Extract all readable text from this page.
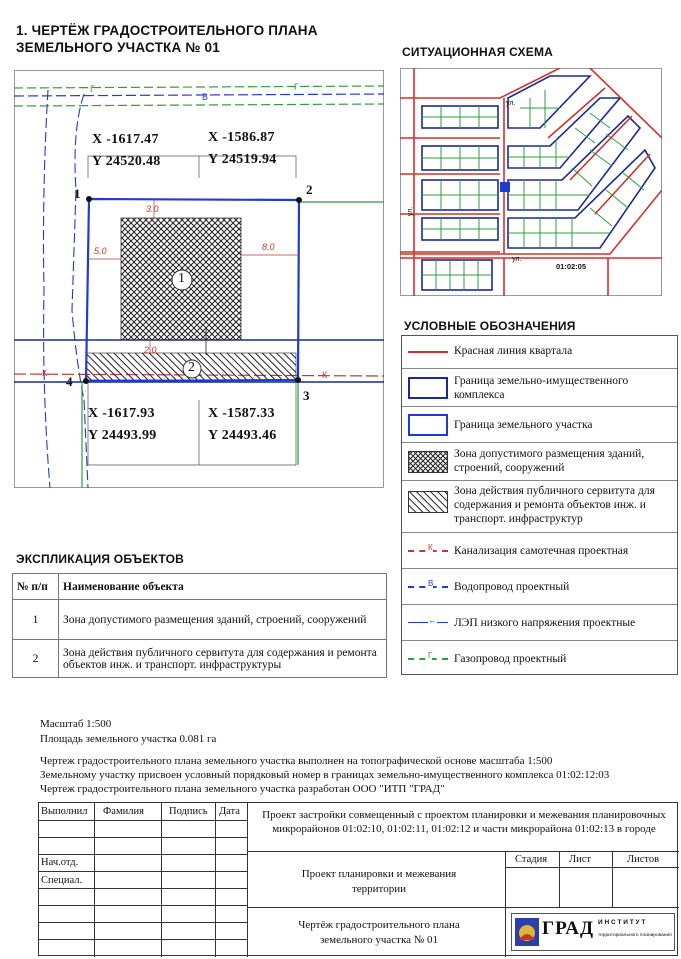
1. ЧЕРТЁЖ ГРАДОСТРОИТЕЛЬНОГО ПЛАНА
ЗЕМЕЛЬНОГО УЧАСТКА № 01
Г	Г
В
К	К
3.0
5.0	8.0
2.0
1
2
1	2
3
4
X -1617.47
Y 24520.48
X -1586.87
Y 24519.94
X -1617.93
Y 24493.99
X -1587.33
Y 24493.46
СИТУАЦИОННАЯ СХЕМА
ул.
ул.
ул.
01:02:05
УСЛОВНЫЕ ОБОЗНАЧЕНИЯ
Красная линия квартала
Граница земельно-имущественного комплекса
Граница земельного участка
Зона допустимого размещения зданий, строений, сооружений
Зона действия публичного сервитута для содержания и ремонта объектов инж. и транспорт. инфраструктур
К Канализация самотечная проектная
В Водопровод проектный
← ЛЭП низкого напряжения проектные
Г Газопровод проектный
ЭКСПЛИКАЦИЯ ОБЪЕКТОВ
№ п/п	Наименование объекта
1	Зона допустимого размещения зданий, строений, сооружений
2	Зона действия публичного сервитута для содержания и ремонта объектов инж. и транспорт. инфраструктуры
Масштаб 1:500
Площадь земельного участка 0.081 га
Чертеж градостроительного плана земельного участка выполнен на топографической основе масштаба 1:500
Земельному участку присвоен условный порядковый номер в границах земельно-имущественного комплекса 01:02:12:03
Чертеж градостроительного плана земельного участка разработан ООО "ИТП "ГРАД"
Выполнил Фамилия Подпись Дата
Нач.отд.
Специал.
Проект застройки совмещенный с проектом планировки и межевания планировочных микрорайонов 01:02:10, 01:02:11, 01:02:12 и части микрорайона 01:02:13 в городе
Проект планировки и межевания территории
Стадия Лист	Листов
Чертёж градостроительного плана земельного участка № 01
ГРАД И Н С Т И Т У Т
территориального планирования
